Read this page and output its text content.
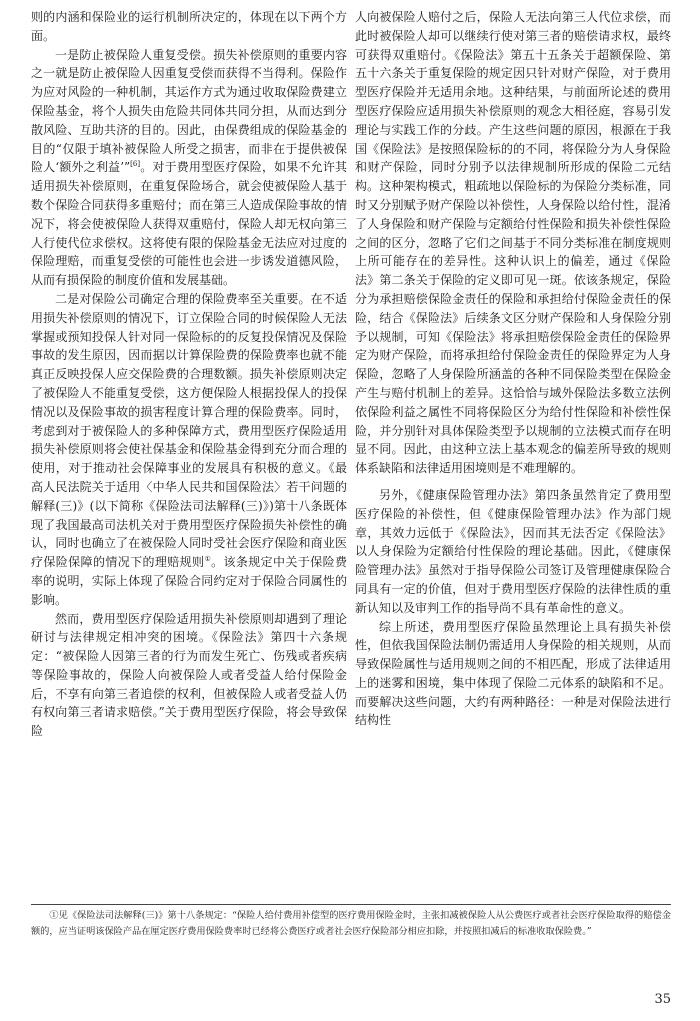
则的内涵和保险业的运行机制所决定的，体现在以下两个方面。

一是防止被保险人重复受偿。损失补偿原则的重要内容之一就是防止被保险人因重复受偿而获得不当得利。保险作为应对风险的一种机制，其运作方式为通过收取保险费建立保险基金，将个人损失由危险共同体共同分担，从而达到分散风险、互助共济的目的。因此，由保费组成的保险基金的目的“仅限于填补被保险人所受之损害，而非在于提供被保险人‘额外之利益’”[6]。对于费用型医疗保险，如果不允许其适用损失补偿原则，在重复保险场合，就会使被保险人基于数个保险合同获得多重赔付；而在第三人造成保险事故的情况下，将会使被保险人获得双重赔付，保险人却无权向第三人行使代位求偿权。这将使有限的保险基金无法应对过度的保险理赔，而重复受偿的可能性也会进一步诱发道德风险，从而有损保险的制度价值和发展基础。

二是对保险公司确定合理的保险费率至关重要。在不适用损失补偿原则的情况下，订立保险合同的时候保险人无法掌握或预知投保人针对同一保险标的的反复投保情况及保险事故的发生原因，因而据以计算保险费的保险费率也就不能真正反映投保人应交保险费的合理数额。损失补偿原则决定了被保险人不能重复受偿，这方便保险人根据投保人的投保情况以及保险事故的损害程度计算合理的保险费率。同时，考虑到对于被保险人的多种保障方式，费用型医疗保险适用损失补偿原则将会使社保基金和保险基金得到充分而合理的使用，对于推动社会保障事业的发展具有积极的意义。《最高人民法院关于适用〈中华人民共和国保险法〉若干问题的解释(三)》(以下简称《保险法司法解释(三)》)第十八条既体现了我国最高司法机关对于费用型医疗保险损失补偿性的确认，同时也确立了在被保险人同时受社会医疗保险和商业医疗保险保障的情况下的理赔规则①。该条规定中关于保险费率的说明，实际上体现了保险合同约定对于保险合同属性的影响。

然而，费用型医疗保险适用损失补偿原则却遇到了理论研讨与法律规定相冲突的困境。《保险法》第四十六条规定：“被保险人因第三者的行为而发生死亡、伤残或者疾病等保险事故的，保险人向被保险人或者受益人给付保险金后，不享有向第三者追偿的权利，但被保险人或者受益人仍有权向第三者请求赔偿。”关于费用型医疗保险，将会导致保险

人向被保险人赔付之后，保险人无法向第三人代位求偿，而此时被保险人却可以继续行使对第三者的赔偿请求权，最终可获得双重赔付。《保险法》第五十五条关于超额保险、第五十六条关于重复保险的规定因只针对财产保险，对于费用型医疗保险并无适用余地。这种结果，与前面所论述的费用型医疗保险应适用损失补偿原则的观念大相径庭，容易引发理论与实践工作的分歧。产生这些问题的原因，根源在于我国《保险法》是按照保险标的的不同，将保险分为人身保险和财产保险，同时分别予以法律规制所形成的保险二元结构。这种架构模式，粗疏地以保险标的为保险分类标准，同时又分别赋予财产保险以补偿性，人身保险以给付性，混淆了人身保险和财产保险与定额给付性保险和损失补偿性保险之间的区分，忽略了它们之间基于不同分类标准在制度规则上所可能存在的差异性。这种认识上的偏差，通过《保险法》第二条关于保险的定义即可见一斑。依该条规定，保险分为承担赔偿保险金责任的保险和承担给付保险金责任的保险，结合《保险法》后续条文区分财产保险和人身保险分别予以规制，可知《保险法》将承担赔偿保险金责任的保险界定为财产保险，而将承担给付保险金责任的保险界定为人身保险，忽略了人身保险所涵盖的各种不同保险类型在保险金产生与赔付机制上的差异。这恰恰与域外保险法多数立法例依保险利益之属性不同将保险区分为给付性保险和补偿性保险，并分别针对具体保险类型予以规制的立法模式而存在明显不同。因此，由这种立法上基本观念的偏差所导致的规则体系缺陷和法律适用困境则是不难理解的。

另外，《健康保险管理办法》第四条虽然肯定了费用型医疗保险的补偿性，但《健康保险管理办法》作为部门规章，其效力远低于《保险法》，因而其无法否定《保险法》以人身保险为定额给付性保险的理论基础。因此，《健康保险管理办法》虽然对于指导保险公司签订及管理健康保险合同具有一定的价值，但对于费用型医疗保险的法律性质的重新认知以及审判工作的指导尚不具有革命性的意义。

综上所述，费用型医疗保险虽然理论上具有损失补偿性，但依我国保险法制仍需适用人身保险的相关规则，从而导致保险属性与适用规则之间的不相匹配，形成了法律适用上的迷雾和困境，集中体现了保险二元体系的缺陷和不足。而要解决这些问题，大约有两种路径：一种是对保险法进行结构性

①见《保险法司法解释(三)》第十八条规定：“保险人给付费用补偿型的医疗费用保险金时，主张扣减被保险人从公费医疗或者社会医疗保险取得的赔偿金额的，应当证明该保险产品在厘定医疗费用保险费率时已经将公费医疗或者社会医疗保险部分相应扣除，并按照扣减后的标准收取保险费。”
35
